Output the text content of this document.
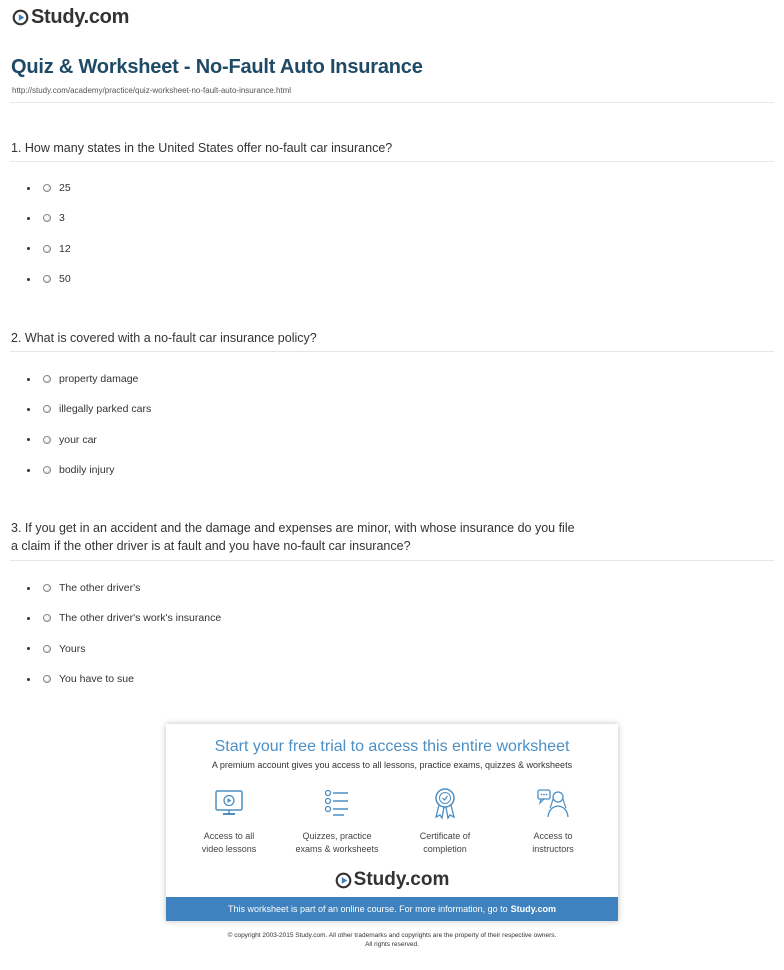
Study.com
Quiz & Worksheet - No-Fault Auto Insurance
http://study.com/academy/practice/quiz-worksheet-no-fault-auto-insurance.html
1. How many states in the United States offer no-fault car insurance?
25
3
12
50
2. What is covered with a no-fault car insurance policy?
property damage
illegally parked cars
your car
bodily injury
3. If you get in an accident and the damage and expenses are minor, with whose insurance do you file
a claim if the other driver is at fault and you have no-fault car insurance?
The other driver's
The other driver's work's insurance
Yours
You have to sue
Start your free trial to access this entire worksheet
A premium account gives you access to all lessons, practice exams, quizzes & worksheets
Access to all
video lessons
Quizzes, practice
exams & worksheets
Certificate of
completion
Access to
instructors
Study.com
This worksheet is part of an online course. For more information, go to Study.com
© copyright 2003-2015 Study.com. All other trademarks and copyrights are the property of their respective owners.
All rights reserved.
